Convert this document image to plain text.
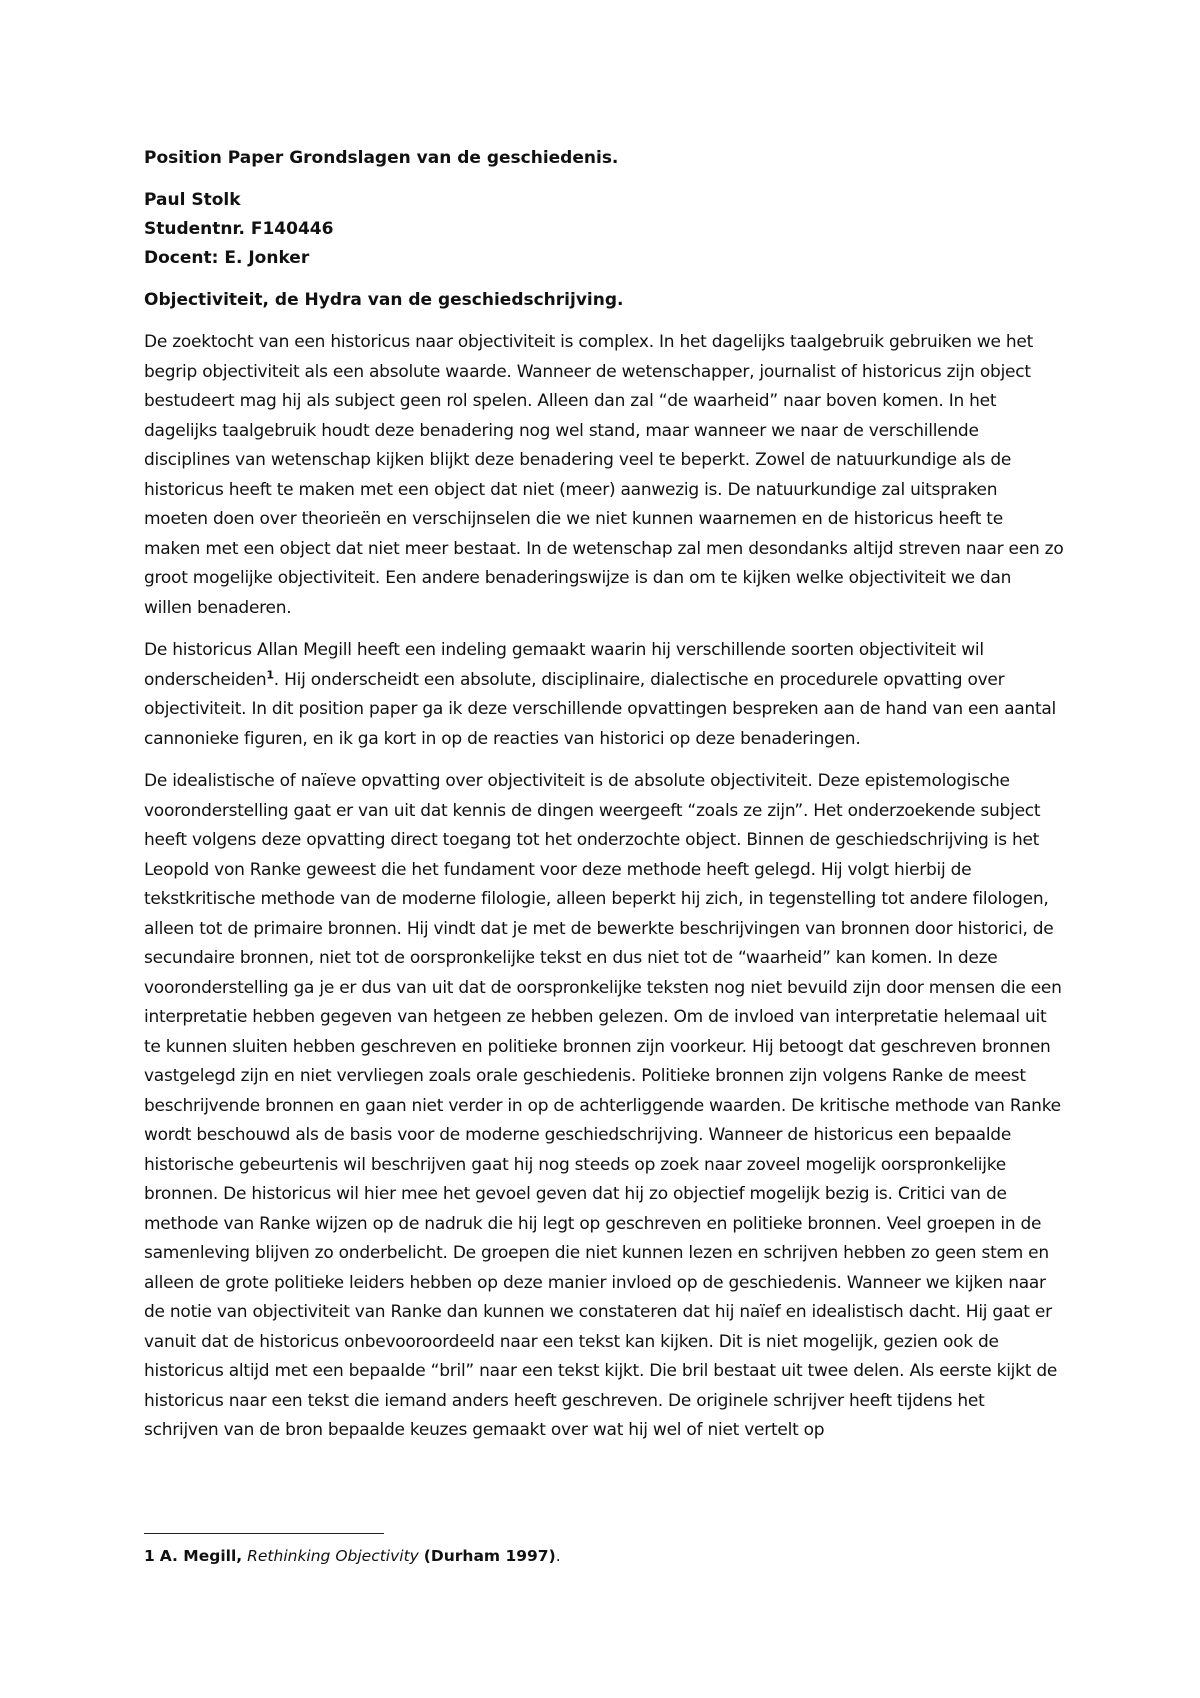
Position Paper Grondslagen van de geschiedenis.
Paul Stolk
Studentnr. F140446
Docent: E. Jonker
Objectiviteit, de Hydra van de geschiedschrijving.

De zoektocht van een historicus naar objectiviteit is complex. In het dagelijks taalgebruik gebruiken we het begrip objectiviteit als een absolute waarde. Wanneer de wetenschapper, journalist of historicus zijn object bestudeert mag hij als subject geen rol spelen. Alleen dan zal “de waarheid” naar boven komen. In het dagelijks taalgebruik houdt deze benadering nog wel stand, maar wanneer we naar de verschillende disciplines van wetenschap kijken blijkt deze benadering veel te beperkt. Zowel de natuurkundige als de historicus heeft te maken met een object dat niet (meer) aanwezig is. De natuurkundige zal uitspraken moeten doen over theorieën en verschijnselen die we niet kunnen waarnemen en de historicus heeft te maken met een object dat niet meer bestaat. In de wetenschap zal men desondanks altijd streven naar een zo groot mogelijke objectiviteit. Een andere benaderingswijze is dan om te kijken welke objectiviteit we dan willen benaderen.

De historicus Allan Megill heeft een indeling gemaakt waarin hij verschillende soorten objectiviteit wil onderscheiden$^1$. Hij onderscheidt een absolute, disciplinaire, dialectische en procedurele opvatting over objectiviteit. In dit position paper ga ik deze verschillende opvattingen bespreken aan de hand van een aantal cannonieke figuren, en ik ga kort in op de reacties van historici op deze benaderingen.

De idealistische of naïeve opvatting over objectiviteit is de absolute objectiviteit. Deze epistemologische vooronderstelling gaat er van uit dat kennis de dingen weergeeft “zoals ze zijn”. Het onderzoekende subject heeft volgens deze opvatting direct toegang tot het onderzochte object. Binnen de geschiedschrijving is het Leopold von Ranke geweest die het fundament voor deze methode heeft gelegd. Hij volgt hierbij de tekstkritische methode van de moderne filologie, alleen beperkt hij zich, in tegenstelling tot andere filologen, alleen tot de primaire bronnen. Hij vindt dat je met de bewerkte beschrijvingen van bronnen door historici, de secundaire bronnen, niet tot de oorspronkelijke tekst en dus niet tot de “waarheid” kan komen. In deze vooronderstelling ga je er dus van uit dat de oorspronkelijke teksten nog niet bevuild zijn door mensen die een interpretatie hebben gegeven van hetgeen ze hebben gelezen. Om de invloed van interpretatie helemaal uit te kunnen sluiten hebben geschreven en politieke bronnen zijn voorkeur. Hij betoogt dat geschreven bronnen vastgelegd zijn en niet vervliegen zoals orale geschiedenis. Politieke bronnen zijn volgens Ranke de meest beschrijvende bronnen en gaan niet verder in op de achterliggende waarden. De kritische methode van Ranke wordt beschouwd als de basis voor de moderne geschiedschrijving. Wanneer de historicus een bepaalde historische gebeurtenis wil beschrijven gaat hij nog steeds op zoek naar zoveel mogelijk oorspronkelijke bronnen. De historicus wil hier mee het gevoel geven dat hij zo objectief mogelijk bezig is. Critici van de methode van Ranke wijzen op de nadruk die hij legt op geschreven en politieke bronnen. Veel groepen in de samenleving blijven zo onderbelicht. De groepen die niet kunnen lezen en schrijven hebben zo geen stem en alleen de grote politieke leiders hebben op deze manier invloed op de geschiedenis. Wanneer we kijken naar de notie van objectiviteit van Ranke dan kunnen we constateren dat hij naïef en idealistisch dacht. Hij gaat er vanuit dat de historicus onbevooroordeeld naar een tekst kan kijken. Dit is niet mogelijk, gezien ook de historicus altijd met een bepaalde “bril” naar een tekst kijkt. Die bril bestaat uit twee delen. Als eerste kijkt de historicus naar een tekst die iemand anders heeft geschreven. De originele schrijver heeft tijdens het schrijven van de bron bepaalde keuzes gemaakt over wat hij wel of niet vertelt op

1 A. Megill, Rethinking Objectivity (Durham 1997).
